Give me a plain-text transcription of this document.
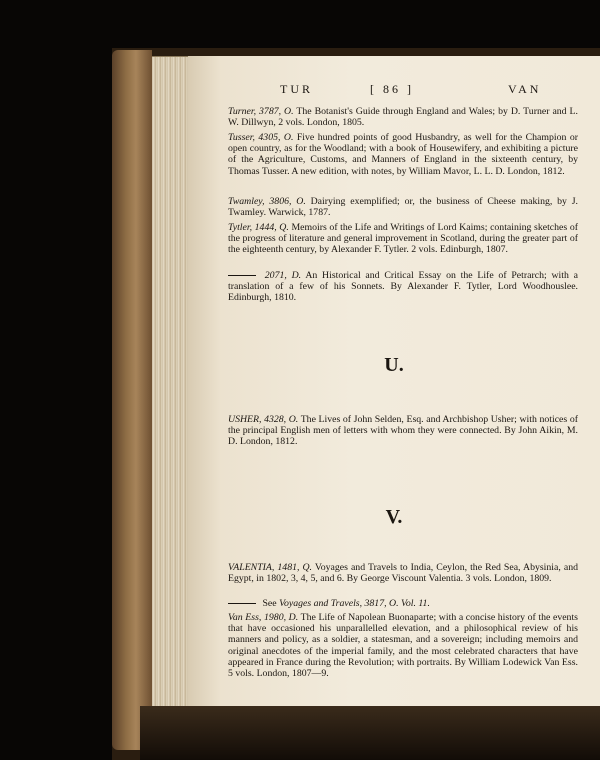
TUR	[ 86 ]	VAN
Turner, 3787, O. The Botanist's Guide through England and Wales; by D. Turner and L. W. Dillwyn, 2 vols. London, 1805.
Tusser, 4305, O. Five hundred points of good Husbandry, as well for the Champion or open country, as for the Woodland; with a book of Housewifery, and exhibiting a picture of the Agriculture, Customs, and Manners of England in the sixteenth century, by Thomas Tusser. A new edition, with notes, by William Mavor, L. L. D. London, 1812.
Twamley, 3806, O. Dairying exemplified; or, the business of Cheese making, by J. Twamley. Warwick, 1787.
Tytler, 1444, Q. Memoirs of the Life and Writings of Lord Kaims; containing sketches of the progress of literature and general improvement in Scotland, during the greater part of the eighteenth century, by Alexander F. Tytler. 2 vols. Edinburgh, 1807.
2071, D. An Historical and Critical Essay on the Life of Petrarch; with a translation of a few of his Sonnets. By Alexander F. Tytler, Lord Woodhouslee. Edinburgh, 1810.
U.
USHER, 4328, O. The Lives of John Selden, Esq. and Archbishop Usher; with notices of the principal English men of letters with whom they were connected. By John Aikin, M. D. London, 1812.
V.
VALENTIA, 1481, Q. Voyages and Travels to India, Ceylon, the Red Sea, Abysinia, and Egypt, in 1802, 3, 4, 5, and 6. By George Viscount Valentia. 3 vols. London, 1809.
See Voyages and Travels, 3817, O. Vol. 11.
Van Ess, 1980, D. The Life of Napolean Buonaparte; with a concise history of the events that have occasioned his unparallelled elevation, and a philosophical review of his manners and policy, as a soldier, a statesman, and a sovereign; including memoirs and original anecdotes of the imperial family, and the most celebrated characters that have appeared in France during the Revolution; with portraits. By William Lodewick Van Ess. 5 vols. London, 1807—9.
